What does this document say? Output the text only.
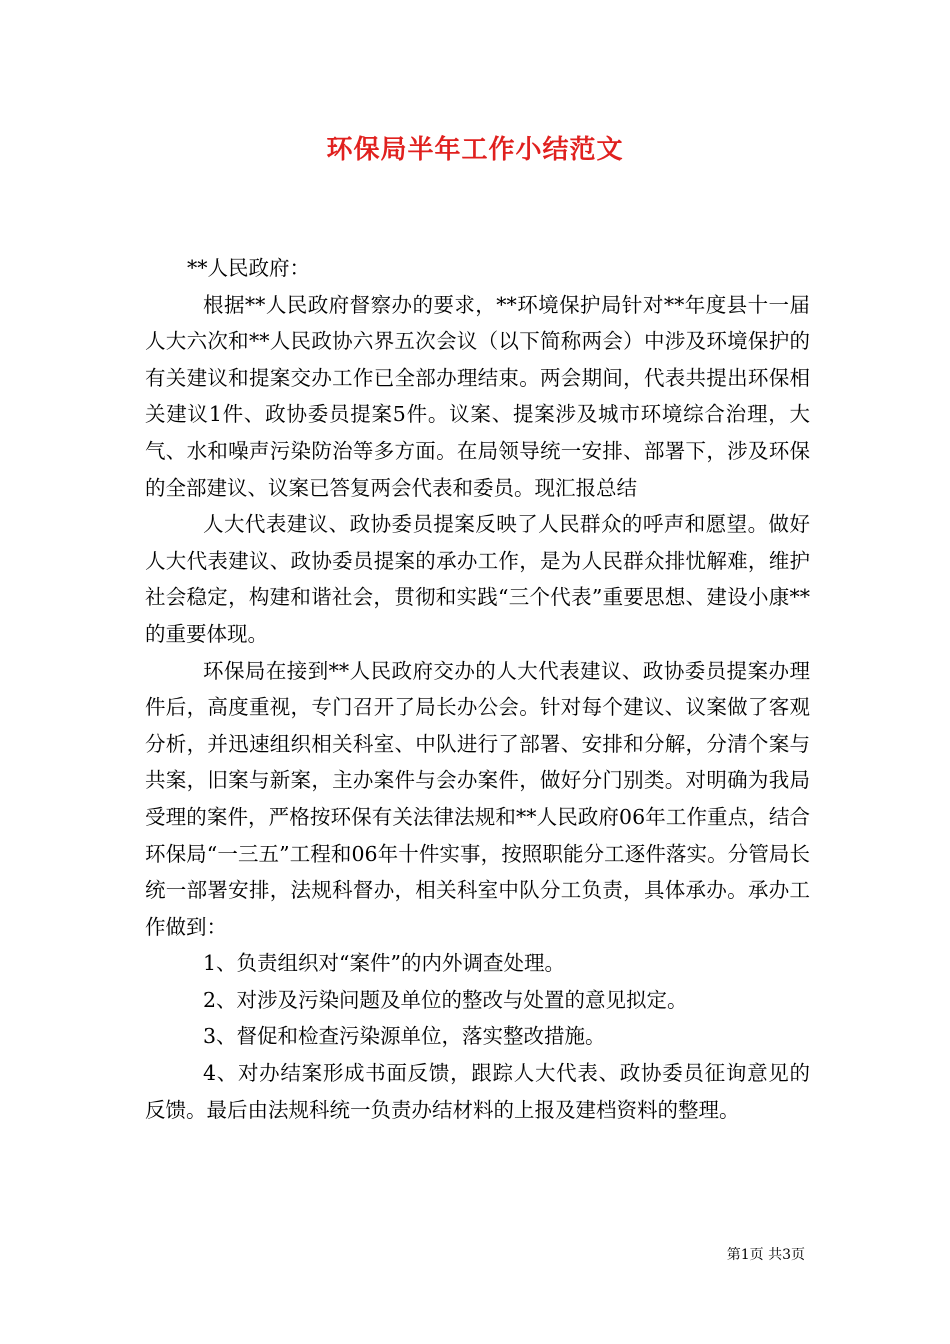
环保局半年工作小结范文

**人民政府：

根据**人民政府督察办的要求，**环境保护局针对**年度县十一届人大六次和**人民政协六界五次会议（以下简称两会）中涉及环境保护的有关建议和提案交办工作已全部办理结束。两会期间，代表共提出环保相关建议1件、政协委员提案5件。议案、提案涉及城市环境综合治理，大气、水和噪声污染防治等多方面。在局领导统一安排、部署下，涉及环保的全部建议、议案已答复两会代表和委员。现汇报总结

人大代表建议、政协委员提案反映了人民群众的呼声和愿望。做好人大代表建议、政协委员提案的承办工作，是为人民群众排忧解难，维护社会稳定，构建和谐社会，贯彻和实践“三个代表”重要思想、建设小康**的重要体现。

环保局在接到**人民政府交办的人大代表建议、政协委员提案办理件后，高度重视，专门召开了局长办公会。针对每个建议、议案做了客观分析，并迅速组织相关科室、中队进行了部署、安排和分解，分清个案与共案，旧案与新案，主办案件与会办案件，做好分门别类。对明确为我局受理的案件，严格按环保有关法律法规和**人民政府06年工作重点，结合环保局“一三五”工程和06年十件实事，按照职能分工逐件落实。分管局长统一部署安排，法规科督办，相关科室中队分工负责，具体承办。承办工作做到：

1、负责组织对“案件”的内外调查处理。

2、对涉及污染问题及单位的整改与处置的意见拟定。

3、督促和检查污染源单位，落实整改措施。

4、对办结案形成书面反馈，跟踪人大代表、政协委员征询意见的反馈。最后由法规科统一负责办结材料的上报及建档资料的整理。

第1页 共3页
